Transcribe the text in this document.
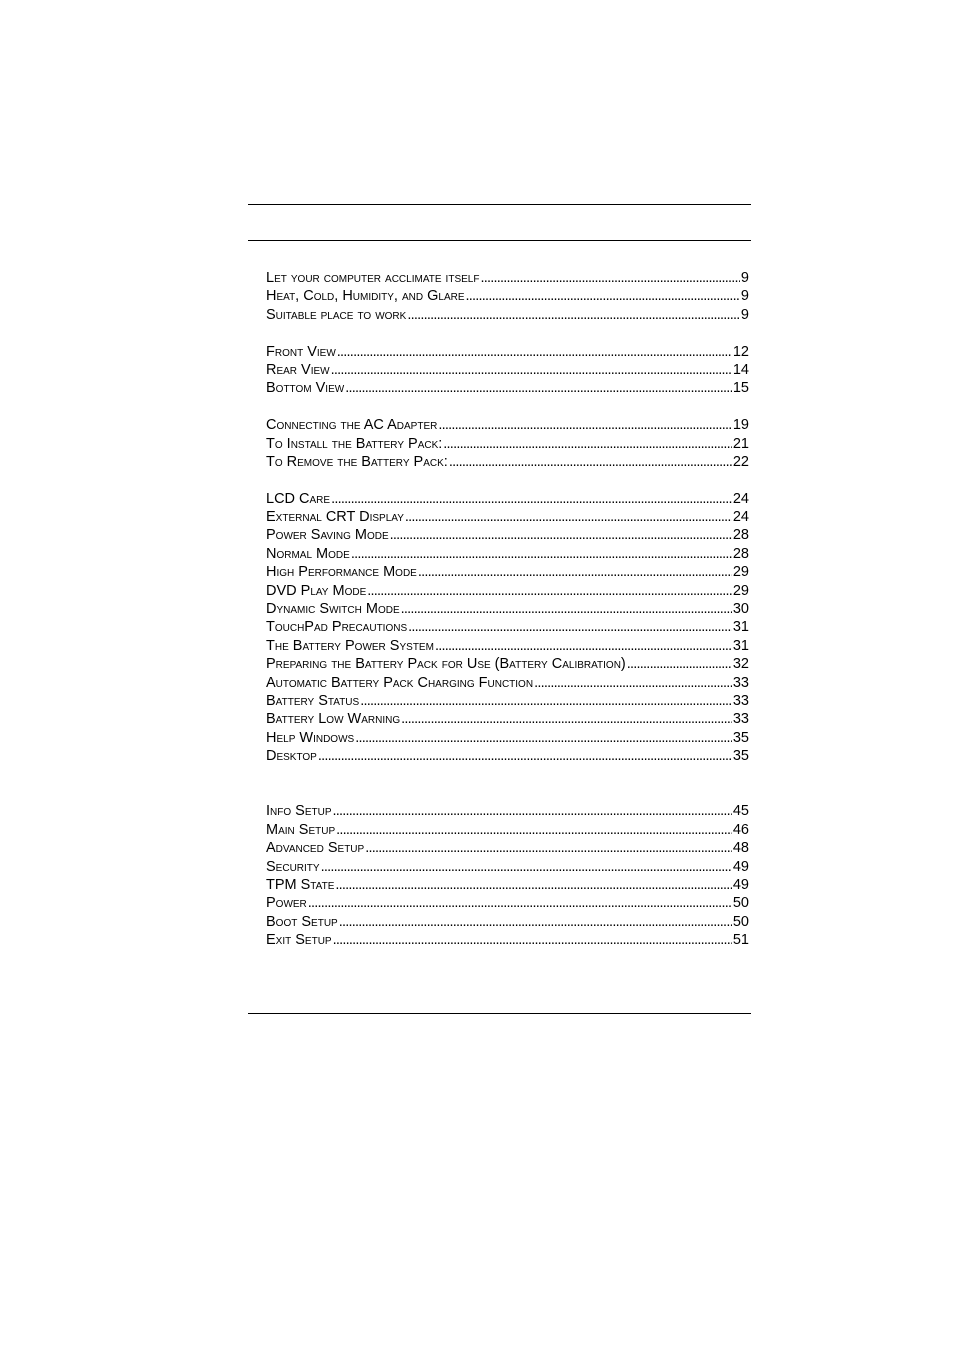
Let your computer acclimate itself . . .	9
Heat, Cold, Humidity, and Glare . . .	9
Suitable place to work . . .	9
Front View . . .	12
Rear View . . .	14
Bottom View . . .	15
Connecting the AC Adapter . . .	19
To Install the Battery Pack: . . .	21
To Remove the Battery Pack: . . .	22
LCD Care . . .	24
External CRT Display . . .	24
Power Saving Mode . . .	28
Normal Mode . . .	28
High Performance Mode . . .	29
DVD Play Mode . . .	29
Dynamic Switch Mode . . .	30
TouchPad Precautions . . .	31
The Battery Power System . . .	31
Preparing the Battery Pack for Use (Battery Calibration) . . .	32
Automatic Battery Pack Charging Function . . .	33
Battery Status . . .	33
Battery Low Warning . . .	33
Help Windows . . .	35
Desktop . . .	35
Info Setup . . .	45
Main Setup . . .	46
Advanced Setup . . .	48
Security . . .	49
TPM State . . .	49
Power . . .	50
Boot Setup . . .	50
Exit Setup . . .	51
